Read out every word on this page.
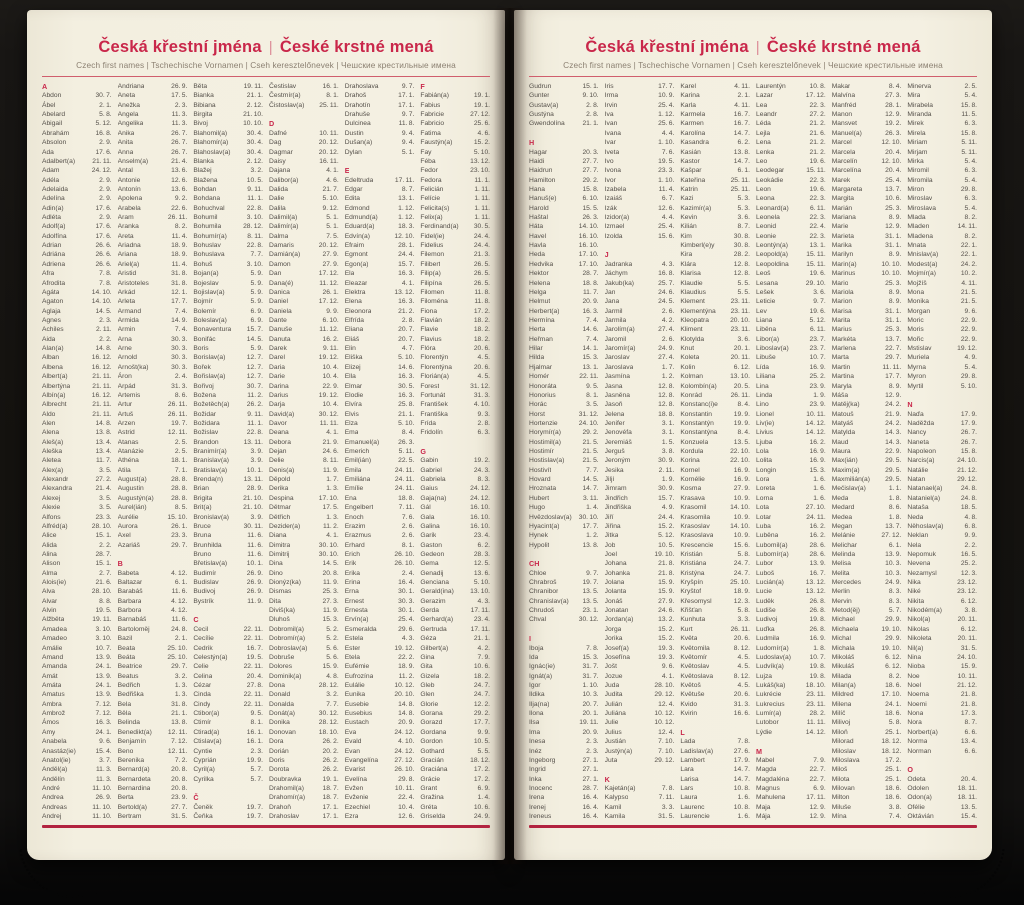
Česká křestní jména | České krstné mená
Czech first names | Tschechische Vornamen | Cseh keresztelőnevek | Чешские крестильные имена
A
Abdon	30. 7.
Ábel	2. 1.
Abelard	5. 8.
Abigail	5. 12.
Abrahám	16. 8.
Absolon	2. 9.
Ada	17. 6.
Adalbert(a)	21. 11.
Adam	24. 12.
Adéla	2. 9.
Adelaida	2. 9.
Adelína	2. 9.
Adin(a)	17. 6.
Adléta	2. 9.
Adolf(a)	17. 6.
Adolfína	17. 6.
Adrian	26. 6.
Adriána	26. 6.
Adriena	26. 6.
Afra	7. 8.
Afrodita	7. 8.
Agáta	14. 10.
Agaton	14. 10.
Aglaja	14. 5.
Agnes	2. 3.
Achiles	2. 11.
Aida	2. 2.
Alan(a)	14. 8.
Alban	16. 12.
Albena	16. 12.
Albert(a)	21. 11.
Albertýna	21. 11.
Albín(a)	16. 12.
Albrecht	21. 11.
Aldo	21. 11.
Alen	14. 8.
Alena	13. 8.
Aleš(a)	13. 4.
Aleška	13. 4.
Aletea	11. 7.
Alex(a)	3. 5.
Alexandr	27. 2.
Alexandra	21. 4.
Alexej	3. 5.
Alexie	3. 5.
Alfons	23. 3.
Alfréd(a)	28. 10.
Alice	15. 1.
Alida	2. 2.
Alina	28. 7.
Alison	15. 1.
Alma	2. 7.
Alois(ie)	21. 6.
Alva	28. 10.
Alvar	8. 8.
Alvin	19. 5.
Alžběta	19. 11.
Amadea	3. 10.
Amadeo	3. 10.
Amálie	10. 7.
Amand	13. 9.
Amanda	24. 1.
Amát	13. 9.
Amáta	24. 1.
Amatus	13. 9.
Ambra	7. 12.
Ambrož	7. 12.
Ámos	16. 3.
Amy	24. 1.
Anabela	9. 6.
Anastáz(ie)	15. 4.
Anatol(ie)	3. 7.
Anděl(a)	11. 3.
Andělín	11. 3.
André	11. 10.
Andrea	26. 9.
Andreas	11. 10.
Andrej	11. 10.
Andriana	26. 9.
Aneta	17. 5.
Anežka	2. 3.
Angela	11. 3.
Angelika	11. 3.
Anika	26. 7.
Anita	26. 7.
Anna	26. 7.
Anselm(a)	21. 4.
Antal	13. 6.
Antonie	12. 6.
Antonín	13. 6.
Apolena	9. 2.
Arabela	22. 6.
Aram	26. 11.
Aranka	8. 2.
Areta	11. 4.
Ariadna	18. 9.
Ariana	18. 9.
Ariel(a)	11. 4.
Aristid	31. 8.
Aristoteles	31. 8.
Arkád	12. 1.
Arleta	17. 7.
Armand	7. 4.
Armida	14. 9.
Armin	7. 4.
Arna	30. 3.
Arne	30. 3.
Arnold	30. 3.
Arnošt(ka)	30. 3.
Áron	2. 4.
Arpád	31. 3.
Artemis	8. 6.
Artur	26. 11.
Artuš	26. 11.
Arzen	19. 7.
Astrid	12. 11.
Atanas	2. 5.
Atanázie	2. 5.
Athéna	18. 1.
Atila	7. 1.
August(a)	28. 8.
Augustin	28. 8.
Augustýn(a)	28. 8.
Aurel(ián)	8. 5.
Aurélie	15. 10.
Aurora	26. 1.
Axel	23. 3.
Azariáš	29. 7.
B
Babeta	4. 12.
Baltazar	6. 1.
Barabáš	11. 6.
Barbara	4. 12.
Barbora	4. 12.
Barnabáš	11. 6.
Bartoloměj	24. 8.
Bazil	2. 1.
Beata	25. 10.
Beáta	25. 10.
Beatrice	29. 7.
Beatus	3. 2.
Bedřich	1. 3.
Bedřiška	1. 3.
Bela	31. 8.
Běla	21. 1.
Belinda	13. 8.
Benedikt(a) 12. 11.
Benjamín	7. 12.
Beno	12. 11.
Berenika	7. 2.
Bernard(a)	20. 8.
Bernardeta	20. 8.
Bernardina	20. 8.
Berta	23. 9.
Bertold(a)	27. 7.
Bertram	31. 5.
Běta	19. 11.
Bianka	21. 1.
Bibiana	2. 12.
Birgita	21. 10.
Bivoj	10. 10.
Blahomil(a)	30. 4.
Blahomír(a)	30. 4.
Blahoslav(a) 30. 4.
Blanka	2. 12.
Blažej	3. 2.
Blažena	10. 5.
Bohdan	9. 11.
Bohdana	11. 1.
Bohuchval	22. 8.
Bohumil	3. 10.
Bohumila	28. 12.
Bohumír(a)	8. 11.
Bohuslav	22. 8.
Bohuslava	7. 7.
Bohuš	3. 10.
Bojan(a)	5. 9.
Bojeslav	5. 9.
Bojislav(a)	5. 9.
Bojmír	5. 9.
Bolemír	6. 9.
Boleslav(a)	6. 9.
Bonaventura 15. 7.
Bonifác	14. 5.
Boris	5. 9.
Borislav(a)	12. 7.
Bořek	12. 7.
Bořislav(a)	12. 7.
Bořivoj	30. 7.
Božena	11. 2.
Božetěch(a)	26. 2.
Božidar	9. 11.
Božidara	11. 1.
Božislav	22. 8.
Brandon	13. 11.
Branimír(a)	3. 9.
Branislav(a)	3. 9.
Bratislav(a)	10. 1.
Brenda(n)	13. 11.
Brian	28. 9.
Brigita	21. 10.
Brit(a)	21. 10.
Bronislav(a)	3. 9.
Bruce	30. 11.
Bruna	11. 6.
Brunhilda	11. 6.
Bruno	11. 6.
Břetislav(a)	10. 1.
Budimír	26. 9.
Budislav	26. 9.
Budivoj	26. 9.
Bystrík	11. 9.
C
Cecil	22. 11.
Cecílie	22. 11.
Cedrik	16. 7.
Celestýn(a)	19. 5.
Celie	22. 11.
Celina	20. 4.
Cézar	27. 8.
Cinda	22. 11.
Cindy	22. 11.
Ctibor(a)	9. 5.
Ctimír	8. 1.
Ctirad(a)	16. 1.
Ctislav(a)	16. 1.
Cyntie	2. 3.
Cyprián	19. 9.
Cyril(a)	5. 7.
Cyrilka	5. 7.
Č
Čeněk	19. 7.
Čeňka	19. 7.
Čestislav	16. 1.
Čestmír(a)	8. 1.
Čistoslav(a) 25. 11.
D
Dafné	10. 11.
Dag	20. 12.
Dagmar	20. 12.
Daisy	16. 11.
Dajana	4. 1.
Dalibor(a)	4. 6.
Dalida	21. 7.
Dalie	5. 10.
Dalila	9. 12.
Dalimil(a)	5. 1.
Dalimír(a)	5. 1.
Dalma	7. 5.
Damaris	20. 12.
Damián(a)	27. 9.
Damon	27. 9.
Dan	17. 12.
Dana(é)	11. 12.
Danica	26. 1.
Daniel	17. 12.
Daniela	9. 9.
Dante	6. 10.
Danuše	11. 12.
Danuta	16. 2.
Darek	9. 11.
Darel	19. 12.
Daria	10. 4.
Darie	10. 4.
Darina	22. 9.
Darius	19. 12.
Darja	10. 4.
David(a)	30. 12.
Davor	11. 11.
Deana	4. 1.
Debora	21. 9.
Dejan	24. 6.
Delie	8. 11.
Denis(a)	11. 9.
Děpold	1. 7.
Derika	1. 3.
Despina	17. 10.
Dětmar	17. 5.
Dětřich	1. 3.
Dezider(a)	11. 2.
Diana	4. 1.
Dimitra	30. 10.
Dimitrij	30. 10.
Dina	14. 5.
Dino	20. 8.
Dionýz(ka)	11. 9.
Dismas	25. 3.
Dita	27. 3.
Diviš(ka)	11. 9.
Dluhoš	15. 3.
Dobromil(a)	5. 2.
Dobromír(a)	5. 2.
Dobroslav(a)	5. 6.
Dobruše	5. 6.
Dolores	15. 9.
Dominik(a)	4. 8.
Dona	28. 12.
Donald	3. 2.
Donalda	7. 7.
Donát(a)	30. 12.
Donika	28. 12.
Donovan	18. 10.
Dora	26. 2.
Dorián	20. 2.
Doris	26. 2.
Dorota	26. 2.
Doubravka	19. 1.
Drahomil(a)	18. 7.
Drahomír(a)	18. 7.
Drahoň	17. 1.
Drahoslav	17. 1.
Drahoslava	9. 7.
Drahoš	17. 1.
Drahotín	17. 1.
Drahuše	9. 7.
Dulcinea	11. 8.
Dustin	9. 4.
Dušan(a)	9. 4.
Dylan	5. 1.
E
Edeltruda	17. 11.
Edgar	8. 7.
Edita	13. 1.
Edmond	1. 12.
Edmund(a)	1. 12.
Eduard(a)	18. 3.
Edvín(a)	12. 10.
Efraim	28. 1.
Egmont	24. 4.
Egon(a)	15. 7.
Ela	16. 3.
Eleazar	4. 1.
Elektra	13. 12.
Elena	16. 3.
Eleonora	21. 2.
Elfrída	2. 8.
Eliana	20. 7.
Eliáš	20. 7.
Elin	4. 7.
Eliška	5. 10.
Elizej	14. 6.
Ella	16. 3.
Elmar	30. 5.
Elodie	16. 3.
Elvíra	25. 8.
Elvis	21. 1.
Elza	5. 10.
Ema	8. 4.
Emanuel(a)	26. 3.
Emerich	5. 11.
Emil(ián)	22. 5.
Emila	24. 11.
Emiliána	24. 11.
Emílie	24. 11.
Ena	18. 8.
Engelbert	7. 11.
Enoch	7. 6.
Erazim	2. 6.
Erazmus	2. 6.
Erhard	8. 1.
Erich	26. 10.
Erik	26. 10.
Erika	2. 4.
Erina	16. 4.
Erna	30. 1.
Ernest	30. 3.
Ernesta	30. 1.
Ervín(a)	25. 4.
Esmeralda	29. 6.
Estela	4. 3.
Ester	19. 12.
Etela	22. 2.
Eufémie	18. 9.
Eufrozína	11. 2.
Eulálie	10. 12.
Eunika	20. 10.
Eusebie	14. 8.
Eusebius	14. 8.
Eustach	20. 9.
Eva	24. 12.
Evald	4. 10.
Evan	24. 12.
Evangelína 27. 12.
Evarist	26. 10.
Evelína	29. 8.
Evžen	10. 11.
Evženie	22. 4.
Ezechiel	10. 4.
Ezra	12. 6.
F
Fabián(a)	19. 1.
Fabius	19. 1.
Fabricie	27. 12.
Fabricio	25. 6.
Fatima	4. 6.
Faustýn(a)	15. 2.
Fay	5. 10.
Féba	13. 12.
Fedor	23. 10.
Fedora	11. 1.
Felicián	1. 11.
Felície	1. 11.
Felicita(s)	1. 11.
Felix(a)	1. 11.
Ferdinand(a) 30. 5.
Fidel(ie)	24. 4.
Fidelius	24. 4.
Filemon	21. 3.
Filibert	26. 5.
Filip(a)	26. 5.
Filipína	26. 5.
Filomen	11. 8.
Filoména	11. 8.
Fiona	17. 2.
Flavián	18. 2.
Flavie	18. 2.
Flavius	18. 2.
Flóra	20. 6.
Florentýn	4. 5.
Florentýna	20. 6.
Florián(a)	4. 5.
Forest	31. 12.
Fortunát	31. 3.
František	4. 10.
Františka	9. 3.
Frída	2. 8.
Fridolín	6. 3.
G
Gabin	19. 2.
Gabriel	24. 3.
Gabriela	8. 3.
Gaius	24. 12.
Gaja(na)	24. 12.
Gál	16. 10.
Gala	16. 10.
Galina	16. 10.
Garik	23. 4.
Gaston	6. 2.
Gedeon	28. 3.
Gema	12. 5.
Genadij	13. 6.
Genciana	5. 10.
Gerald(ina) 13. 10.
Gerazim	4. 3.
Gerda	17. 11.
Gerhard(a)	23. 4.
Gertruda	17. 11.
Géza	21. 1.
Gilbert(a)	4. 2.
Gina	7. 9.
Gita	10. 6.
Gizela	18. 2.
Gleb	24. 7.
Glen	24. 7.
Glorie	12. 2.
Gorana	29. 2.
Gorazd	17. 7.
Gordana	9. 9.
Gordon	10. 5.
Gothard	5. 5.
Gracián	18. 12.
Graciána	17. 2.
Grácie	17. 2.
Grant	6. 9.
Gražina	1. 4.
Gréta	10. 6.
Griselda	24. 9.
Česká křestní jména | České krstné mená
Czech first names | Tschechische Vornamen | Cseh keresztelőnevek | Чешские крестильные имена
Gudrun	15. 1.
Gunter	9. 10.
Gustav(a)	2. 8.
Gustýna	2. 8.
Gwendolína	21. 1.
H
Hagar	20. 3.
Haidi	27. 7.
Haidrun	27. 7.
Hamilton	29. 2.
Hana	15. 8.
Hanuš(e)	6. 10.
Harold	15. 5.
Haštal	26. 3.
Háta	14. 10.
Havel	16. 10.
Havla	16. 10.
Heda	17. 10.
Hedvika	17. 10.
Hektor	28. 7.
Helena	18. 8.
Helga	11. 7.
Helmut	20. 9.
Herbert(a)	16. 3.
Hermína	7. 4.
Herta	14. 6.
Heřman	7. 4.
Hilar	14. 1.
Hilda	15. 3.
Hjalmar	13. 1.
Homér	22. 11.
Honoráta	9. 5.
Honorius	8. 1.
Horác	3. 5.
Horst	31. 12.
Hortenzie	24. 10.
Horymír(a)	29. 2.
Hostimil(a)	21. 5.
Hostimír	21. 5.
Hostislav(a)	21. 5.
Hostivít	7. 7.
Hovard	14. 5.
Hroznata	14. 7.
Hubert	3. 11.
Hugo	1. 4.
Hvězdoslav(a) 30. 10.
Hyacint(a)	17. 7.
Hynek	1. 2.
Hypolit	13. 8.
CH
Chloe	9. 7.
Chrabroš	19. 7.
Chranibor	13. 5.
Chranislav(a) 13. 5.
Chrudoš	23. 1.
Chval	30. 12.
I
Iboja	7. 8.
Ida	15. 3.
Ignác(ie)	31. 7.
Ignát(a)	31. 7.
Igor	1. 10.
Ildika	10. 3.
Ilja(na)	20. 7.
Ilona	20. 1.
Ilsa	19. 11.
Ima	20. 9.
Inesa	2. 3.
Inéz	2. 3.
Ingeborg	27. 1.
Ingrid	27. 1.
Inka	27. 1.
Inocenc	28. 7.
Irena	16. 4.
Irenej	16. 4.
Ireneus	16. 4.
Iris	17. 7.
Irma	10. 9.
Irvin	25. 4.
Iva	1. 12.
Ivan	25. 6.
Ivana	4. 4.
Ivar	1. 10.
Iveta	7. 6.
Ivo	19. 5.
Ivona	23. 3.
Ivor	1. 10.
Izabela	11. 4.
Izaiáš	6. 7.
Izák	12. 6.
Izidor(a)	4. 4.
Izmael	25. 4.
Izolda	15. 6.
J
Jadranka	4. 3.
Jáchym	16. 8.
Jakub(ka)	25. 7.
Jan	24. 6.
Jana	24. 5.
Jarmil	2. 6.
Jarmila	4. 2.
Jarolím(a)	27. 4.
Jaromil	2. 6.
Jaromír(a)	24. 9.
Jaroslav	27. 4.
Jaroslava	1. 7.
Jasmína	1. 2.
Jasna	12. 8.
Jasněna	12. 8.
Jasoň	12. 8.
Jelena	18. 8.
Jenifer	3. 1.
Jenovéfa	3. 1.
Jeremiáš	1. 5.
Jerguš	3. 8.
Jeroným	30. 9.
Jesika	2. 11.
Jiljí	1. 9.
Jimram	30. 9.
Jindřich	15. 7.
Jindřiška	4. 9.
Jiří	24. 4.
Jiřina	15. 2.
Jitka	5. 12.
Job	10. 5.
Joel	19. 10.
Johana	21. 8.
Johanka	21. 8.
Jolana	15. 9.
Jolanta	15. 9.
Jonáš	27. 9.
Jonatan	24. 6.
Jordan(a)	13. 2.
Jorga	15. 2.
Jorika	15. 2.
Josef(a)	19. 3.
Josefína	19. 3.
Jošt	9. 6.
Jozue	4. 1.
Juda	28. 10.
Judita	29. 12.
Julián	12. 4.
Juliána	10. 12.
Julie	10. 12.
Julius	12. 4.
Justián	7. 10.
Justýn(a)	7. 10.
Juta	29. 12.
K
Kajetán(a)	7. 8.
Kalypso	7. 11.
Kamil	3. 3.
Kamila	31. 5.
Karel	4. 11.
Karina	2. 1.
Karla	4. 11.
Karmela	16. 7.
Karmen	16. 7.
Karolína	14. 7.
Kasandra	6. 2.
Kasián	13. 8.
Kastor	14. 7.
Kašpar	6. 1.
Kateřina	25. 11.
Katrin	25. 11.
Kazi	5. 3.
Kazimír(a)	5. 3.
Kevin	3. 6.
Kilián	8. 7.
Kim	30. 8.
Kimberl(e)y	30. 8.
Kira	28. 2.
Klára	12. 8.
Klarisa	12. 8.
Klaudie	5. 5.
Klaudius	5. 5.
Klement	23. 11.
Klementýna 23. 11.
Kleopatra	20. 10.
Kliment	23. 11.
Klotylda	3. 6.
Knut	20. 1.
Koleta	20. 11.
Kolin	6. 12.
Kolman	13. 10.
Kolombín(a)	20. 5.
Konrád	26. 11.
Konstanc(i)e	8. 4.
Konstantin	19. 9.
Konstantýn	19. 9.
Konstantýna	8. 4.
Konzuela	13. 5.
Kordula	22. 10.
Korina	22. 10.
Kornel	16. 9.
Kornélie	16. 9.
Kosma	27. 9.
Krasava	10. 9.
Krasomil	14. 10.
Krasomila	10. 9.
Krasoslav	14. 10.
Krasoslava	10. 9.
Krescencie	15. 6.
Kristián	5. 8.
Kristiána	24. 7.
Kristýna	24. 7.
Kryšpín	25. 10.
Kryštof	18. 9.
Křesomysl	12. 3.
Křišťan	5. 8.
Kunhuta	3. 3.
Kurt	26. 11.
Květa	20. 6.
Květomila	8. 12.
Květomír	4. 5.
Květoslav	4. 5.
Květoslava	8. 12.
Květoš	4. 5.
Květuše	20. 6.
Kvido	31. 3.
Kvirin	16. 6.
L
Lada	7. 8.
Ladislav(a)	27. 6.
Lambert	17. 9.
Lara	14. 7.
Larisa	14. 7.
Lars	10. 8.
Laura	1. 6.
Laurenc	10. 8.
Laurencie	1. 6.
Laurentýn	10. 8.
Lazar	17. 12.
Lea	22. 3.
Leandr	27. 2.
Léda	21. 2.
Lejla	21. 6.
Lena	21. 2.
Lenka	21. 2.
Leo	19. 6.
Leodegar	15. 11.
Leokádie	22. 3.
Leon	19. 6.
Leona	22. 3.
Leonard(a)	6. 11.
Leonela	22. 3.
Leonid	22. 4.
Leonie	22. 3.
Leontýn(a)	13. 1.
Leopold(a)	15. 11.
Leopoldina	15. 11.
Leoš	19. 6.
Lesana	29. 10.
Lešek	3. 6.
Leticie	9. 7.
Lev	19. 6.
Liana	5. 12.
Liběna	6. 11.
Libor(a)	23. 7.
Liboslav(a)	23. 7.
Libuše	10. 7.
Lída	16. 9.
Liliana	25. 2.
Lina	23. 9.
Linda	1. 9.
Lino	23. 9.
Lionel	10. 11.
Liv(ie)	14. 12.
Livius	14. 12.
Ljuba	16. 2.
Lola	16. 9.
Lolita	16. 9.
Longin	15. 3.
Lora	1. 6.
Loreta	1. 6.
Lorna	1. 6.
Lota	27. 10.
Lotar	24. 11.
Luba	16. 2.
Luběna	16. 2.
Lubomil(a)	28. 6.
Lubomír(a)	28. 6.
Lubor	13. 9.
Luboš	16. 7.
Lucián(a)	13. 12.
Lucie	13. 12.
Luděk	26. 8.
Ludiše	26. 8.
Ludivoj	19. 8.
Luďka	26. 8.
Ludmila	16. 9.
Ludomír(a)	1. 8.
Ludoslav(a)	10. 7.
Ludvík(a)	19. 8.
Lujza	19. 8.
Lukáš(ka)	18. 10.
Lukrécie	23. 11.
Lukrecius	23. 11.
Lumír(a)	28. 2.
Lutobor	11. 11.
Lýdie	14. 12.
M
Mabel	7. 9.
Magda	22. 7.
Magdaléna	22. 7.
Magnus	6. 9.
Mahulena	17. 11.
Maja	12. 9.
Mája	12. 9.
Makar	8. 4.
Malvína	27. 3.
Manfréd	28. 1.
Manon	12. 9.
Mansvet	19. 2.
Manuel(a)	26. 3.
Marcel	12. 10.
Marcela	20. 4.
Marcelín	12. 10.
Marcelína	20. 4.
Marek	25. 4.
Margareta	13. 7.
Margita	10. 6.
Marián	25. 3.
Mariana	8. 9.
Marie	12. 9.
Marieta	31. 1.
Marika	31. 1.
Marilyn	8. 9.
Marin(a)	10. 10.
Marinus	10. 10.
Mario	25. 3.
Mariola	8. 9.
Marion	8. 9.
Marisa	31. 1.
Marita	31. 1.
Marius	25. 3.
Markéta	13. 7.
Marlena	22. 7.
Marta	29. 7.
Martin	11. 11.
Martina	17. 7.
Maryla	8. 9.
Máša	12. 9.
Matěj(ka)	24. 2.
Matouš	21. 9.
Matyáš	24. 2.
Matylda	14. 3.
Maud	14. 3.
Maura	22. 9.
Max(ián)	29. 5.
Maxim(a)	29. 5.
Maxmilián(a) 29. 5.
Mečislav(a)	1. 1.
Meda	1. 8.
Medard	8. 6.
Medea	1. 8.
Megan	13. 7.
Melánie	27. 12.
Melichar	6. 1.
Melinda	13. 9.
Melisa	10. 3.
Melita	10. 3.
Mercedes	24. 9.
Merlin	8. 3.
Mervin	8. 3.
Metod(ěj)	5. 7.
Michael	29. 9.
Michaela	19. 10.
Michal	29. 9.
Michala	19. 10.
Mikoláš	6. 12.
Mikuláš	6. 12.
Milada	8. 2.
Milan(a)	18. 6.
Mildred	17. 10.
Milena	24. 1.
Milíč	18. 6.
Milivoj	5. 8.
Miloň	25. 1.
Milorad	18. 12.
Miloslav	18. 12.
Miloslava	17. 2.
Miloš	25. 1.
Milota	25. 1.
Milovan	18. 6.
Milton	18. 6.
Miluše	3. 8.
Mína	7. 4.
Minerva	2. 5.
Mira	5. 4.
Mirabela	15. 8.
Miranda	11. 5.
Mirek	6. 3.
Mirela	15. 8.
Miriam	5. 11.
Mirjam	5. 11.
Mirka	5. 4.
Miromil	6. 3.
Miromila	5. 4.
Miron	29. 8.
Miroslav	6. 3.
Miroslava	5. 4.
Mlada	8. 2.
Mladen	14. 11.
Mladena	8. 2.
Mnata	22. 1.
Mnislav(a)	22. 1.
Modest(a)	24. 2.
Mojmír(a)	10. 2.
Mojžíš	4. 11.
Mona	21. 5.
Monika	21. 5.
Morgan	9. 6.
Moric	22. 9.
Moris	22. 9.
Mořic	22. 9.
Mstislav	19. 12.
Muriela	4. 9.
Myrna	5. 4.
Myron	29. 8.
Myrtil	5. 10.
N
Naďa	17. 9.
Naděžda	17. 9.
Nancy	26. 7.
Naneta	26. 7.
Napoleon	15. 8.
Narcis(a)	24. 10.
Natálie	21. 12.
Natan	29. 12.
Natanael(a)	24. 8.
Nataniel(a)	24. 8.
Nataša	18. 5.
Neda	4. 8.
Něhoslav(a)	6. 8.
Neklan	9. 9.
Nela	2. 2.
Nepomuk	16. 5.
Nevena	25. 2.
Nezamysl	12. 3.
Nika	23. 12.
Niké	23. 12.
Nikita	6. 12.
Nikodém(a)	3. 8.
Nikol(a)	20. 11.
Nikolas	6. 12.
Nikoleta	20. 11.
Nil(a)	31. 5.
Nina	24. 10.
Nioba	15. 9.
Noe	10. 11.
Noel	21. 12.
Noema	21. 8.
Noemi	21. 8.
Nona	17. 3.
Nora	8. 7.
Norbert(a)	6. 6.
Norma	13. 4.
Norman	6. 6.
O
Odeta	20. 4.
Odolen	18. 11.
Odon(a)	18. 11.
Ofélie	13. 5.
Oktávián	15. 4.
